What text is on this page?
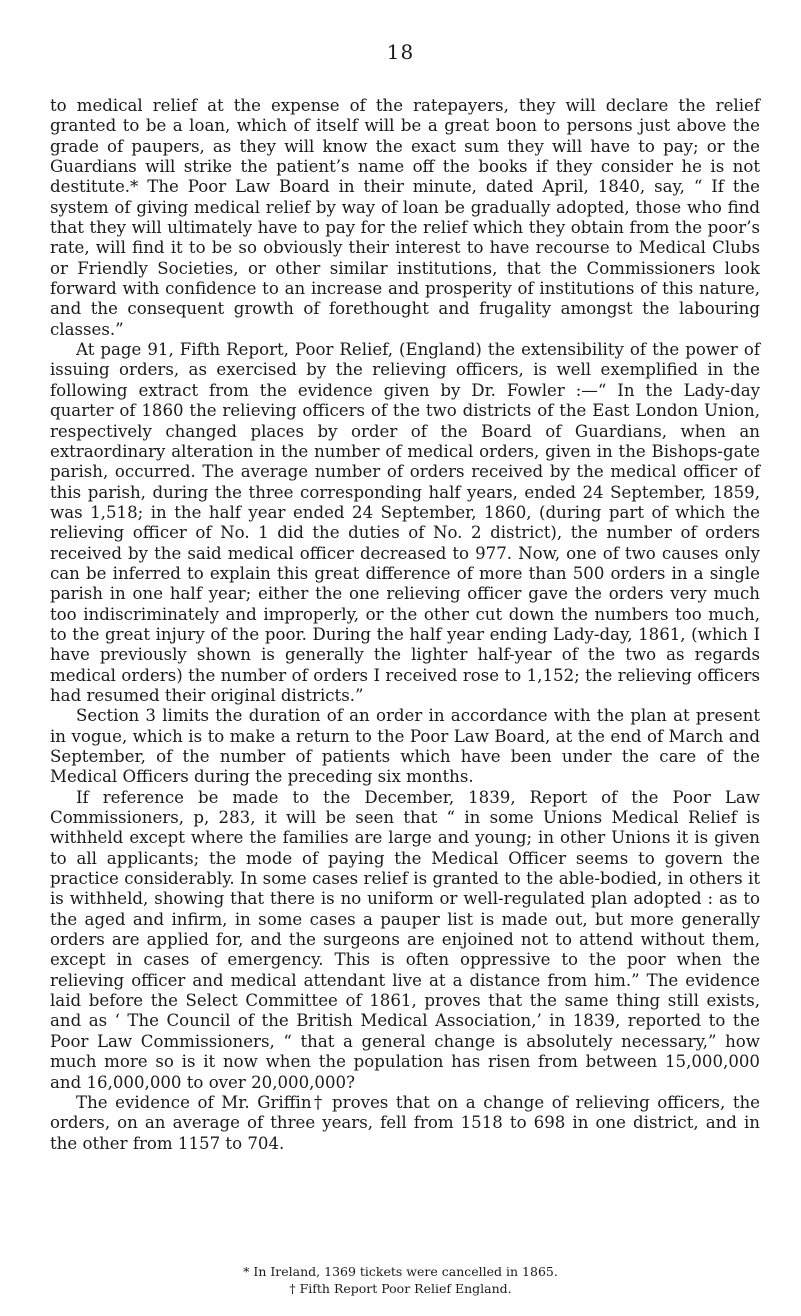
18

to medical relief at the expense of the ratepayers, they will declare the relief granted to be a loan, which of itself will be a great boon to persons just above the grade of paupers, as they will know the exact sum they will have to pay; or the Guardians will strike the patient’s name off the books if they consider he is not destitute.* The Poor Law Board in their minute, dated April, 1840, say, “ If the system of giving medical relief by way of loan be gradually adopted, those who find that they will ultimately have to pay for the relief which they obtain from the poor’s rate, will find it to be so obviously their interest to have recourse to Medical Clubs or Friendly Societies, or other similar institutions, that the Commissioners look forward with confidence to an increase and prosperity of institutions of this nature, and the consequent growth of forethought and frugality amongst the labouring classes.”

At page 91, Fifth Report, Poor Relief, (England) the extensibility of the power of issuing orders, as exercised by the relieving officers, is well exemplified in the following extract from the evidence given by Dr. Fowler :—“ In the Lady-day quarter of 1860 the relieving officers of the two districts of the East London Union, respectively changed places by order of the Board of Guardians, when an extraordinary alteration in the number of medical orders, given in the Bishops-gate parish, occurred. The average number of orders received by the medical officer of this parish, during the three corresponding half years, ended 24 September, 1859, was 1,518; in the half year ended 24 September, 1860, (during part of which the relieving officer of No. 1 did the duties of No. 2 district), the number of orders received by the said medical officer decreased to 977. Now, one of two causes only can be inferred to explain this great difference of more than 500 orders in a single parish in one half year; either the one relieving officer gave the orders very much too indiscriminately and improperly, or the other cut down the numbers too much, to the great injury of the poor. During the half year ending Lady-day, 1861, (which I have previously shown is generally the lighter half-year of the two as regards medical orders) the number of orders I received rose to 1,152; the relieving officers had resumed their original districts.”

Section 3 limits the duration of an order in accordance with the plan at present in vogue, which is to make a return to the Poor Law Board, at the end of March and September, of the number of patients which have been under the care of the Medical Officers during the preceding six months.

If reference be made to the December, 1839, Report of the Poor Law Commissioners, p, 283, it will be seen that “ in some Unions Medical Relief is withheld except where the families are large and young; in other Unions it is given to all applicants; the mode of paying the Medical Officer seems to govern the practice considerably. In some cases relief is granted to the able-bodied, in others it is withheld, showing that there is no uniform or well-regulated plan adopted : as to the aged and infirm, in some cases a pauper list is made out, but more generally orders are applied for, and the surgeons are enjoined not to attend without them, except in cases of emergency. This is often oppressive to the poor when the relieving officer and medical attendant live at a distance from him.” The evidence laid before the Select Committee of 1861, proves that the same thing still exists, and as ‘ The Council of the British Medical Association,’ in 1839, reported to the Poor Law Commissioners, “ that a general change is absolutely necessary,” how much more so is it now when the population has risen from between 15,000,000 and 16,000,000 to over 20,000,000?

The evidence of Mr. Griffin† proves that on a change of relieving officers, the orders, on an average of three years, fell from 1518 to 698 in one district, and in the other from 1157 to 704.

* In Ireland, 1369 tickets were cancelled in 1865.
† Fifth Report Poor Relief England.
